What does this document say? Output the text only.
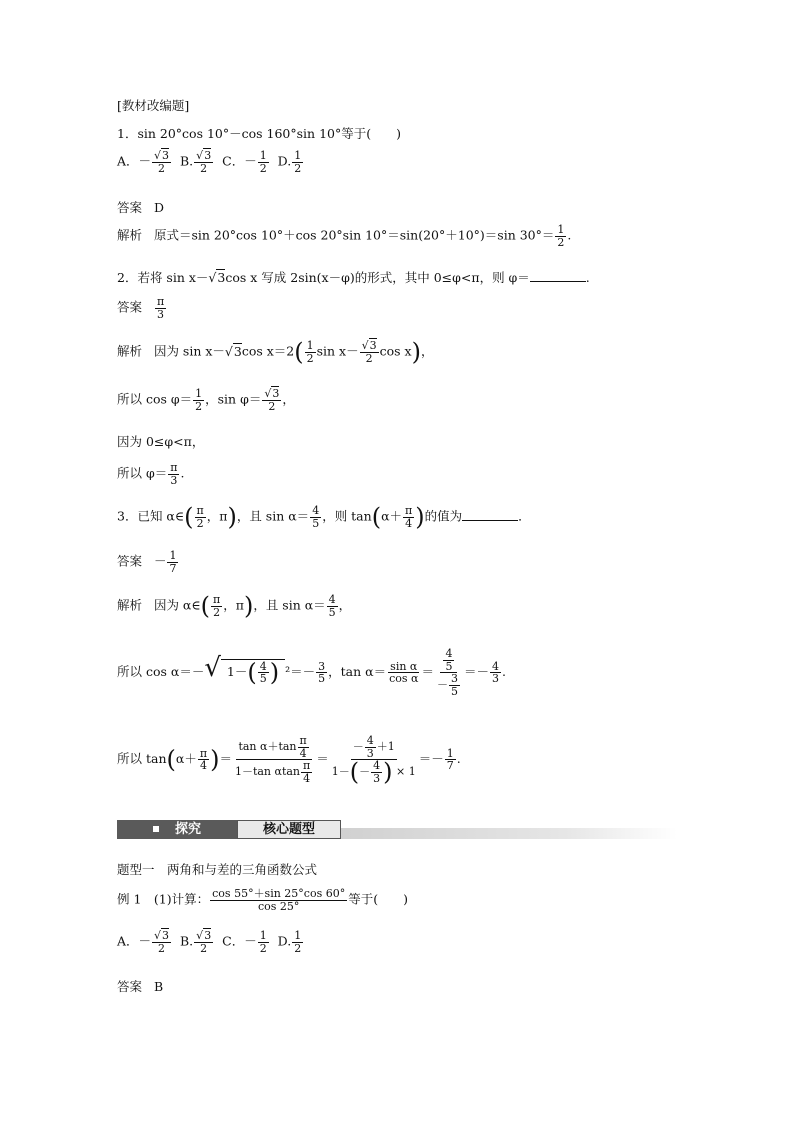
[教材改编题]
1．sin 20°cos 10°－cos 160°sin 10°等于(　　)
A．－ √ $\frac{3}{2} B$. √ $\frac{3}{2}$ C．－ $\frac{1}{2} D$. $\frac{1}{2}$
答案 D
解析 原式＝sin 20°cos 10°＋cos 20°sin 10°＝sin(20°＋10°)＝sin $30^\circ= \frac{1}{2}$ .
2．若将 sin x－ √ 3cos x 写成 2sin(x－φ)的形式，其中 0≤φ<π，则 φ＝	.
答案 $\frac{\pi}{3}$
解析 因为 sin x－ √ 3cos $x=2( \frac{1}{2}$ sin x－ √ $\frac{3}{2}$ cos x)，
所以 $\cos \varphi= \frac{1}{2}$ ，sin φ＝ √ $\frac{3}{2}$ ，
因为 0≤φ<π，
所以 $\varphi= \frac{\pi}{3}$ .
3．已知 α∈( $\frac{\pi}{2}$ ，π)，且 $\sin \alpha= \frac{4}{5}$ ，则 $\tan(\alpha+ \frac{\pi}{4}$ )的值为	．
答案 － $\frac{1}{7}$
解析 因为 α∈( $\frac{\pi}{2}$ ，π)，且 $\sin \alpha= \frac{4}{5}$ ，
所以 cos α＝－ √ $1-( \frac{4}{5}$ ) $^2=- \frac{3}{5}$ ，$\tan \alpha= \frac{\text{sin α}}{\text{cos α}} = \frac{\frac{4}{5}}{- \frac{3}{5}} =- \frac{4}{3}$ .
所以 $\tan(\alpha+ \frac{\pi}{4}$ )＝ $\frac{\tan \alpha+\tan \frac{\pi}{4}}{1-\tan \alpha\tan \frac{\pi}{4}} = \frac{- \frac{4}{3} +1}{1-(- \frac{4}{3} ) \times 1} =- \frac{1}{7}$ .
探究	核心题型
题型一　两角和与差的三角函数公式
例 1　(1)计算： $\frac{\cos 55^\circ+\sin 25^\circ\cos 60^\circ}{\cos 25^\circ}$ 等于(　　)
A．－ √ $\frac{3}{2} B$. √ $\frac{3}{2}$ C．－ $\frac{1}{2} D$. $\frac{1}{2}$
答案 B
